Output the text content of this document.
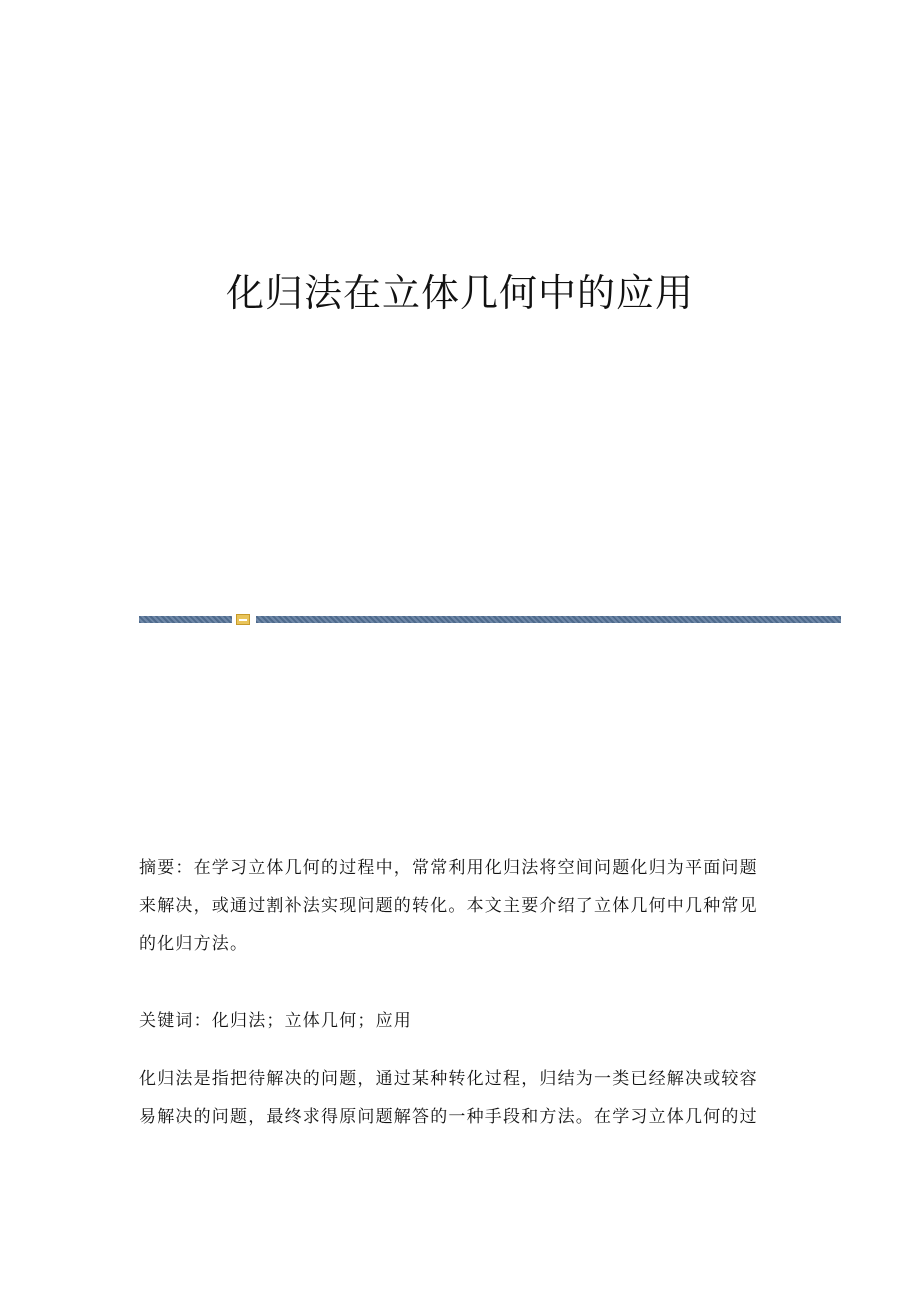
化归法在立体几何中的应用

摘要：在学习立体几何的过程中，常常利用化归法将空间问题化归为平面问题来解决，或通过割补法实现问题的转化。本文主要介绍了立体几何中几种常见的化归方法。

关键词：化归法；立体几何；应用

化归法是指把待解决的问题，通过某种转化过程，归结为一类已经解决或较容易解决的问题，最终求得原问题解答的一种手段和方法。在学习立体几何的过
